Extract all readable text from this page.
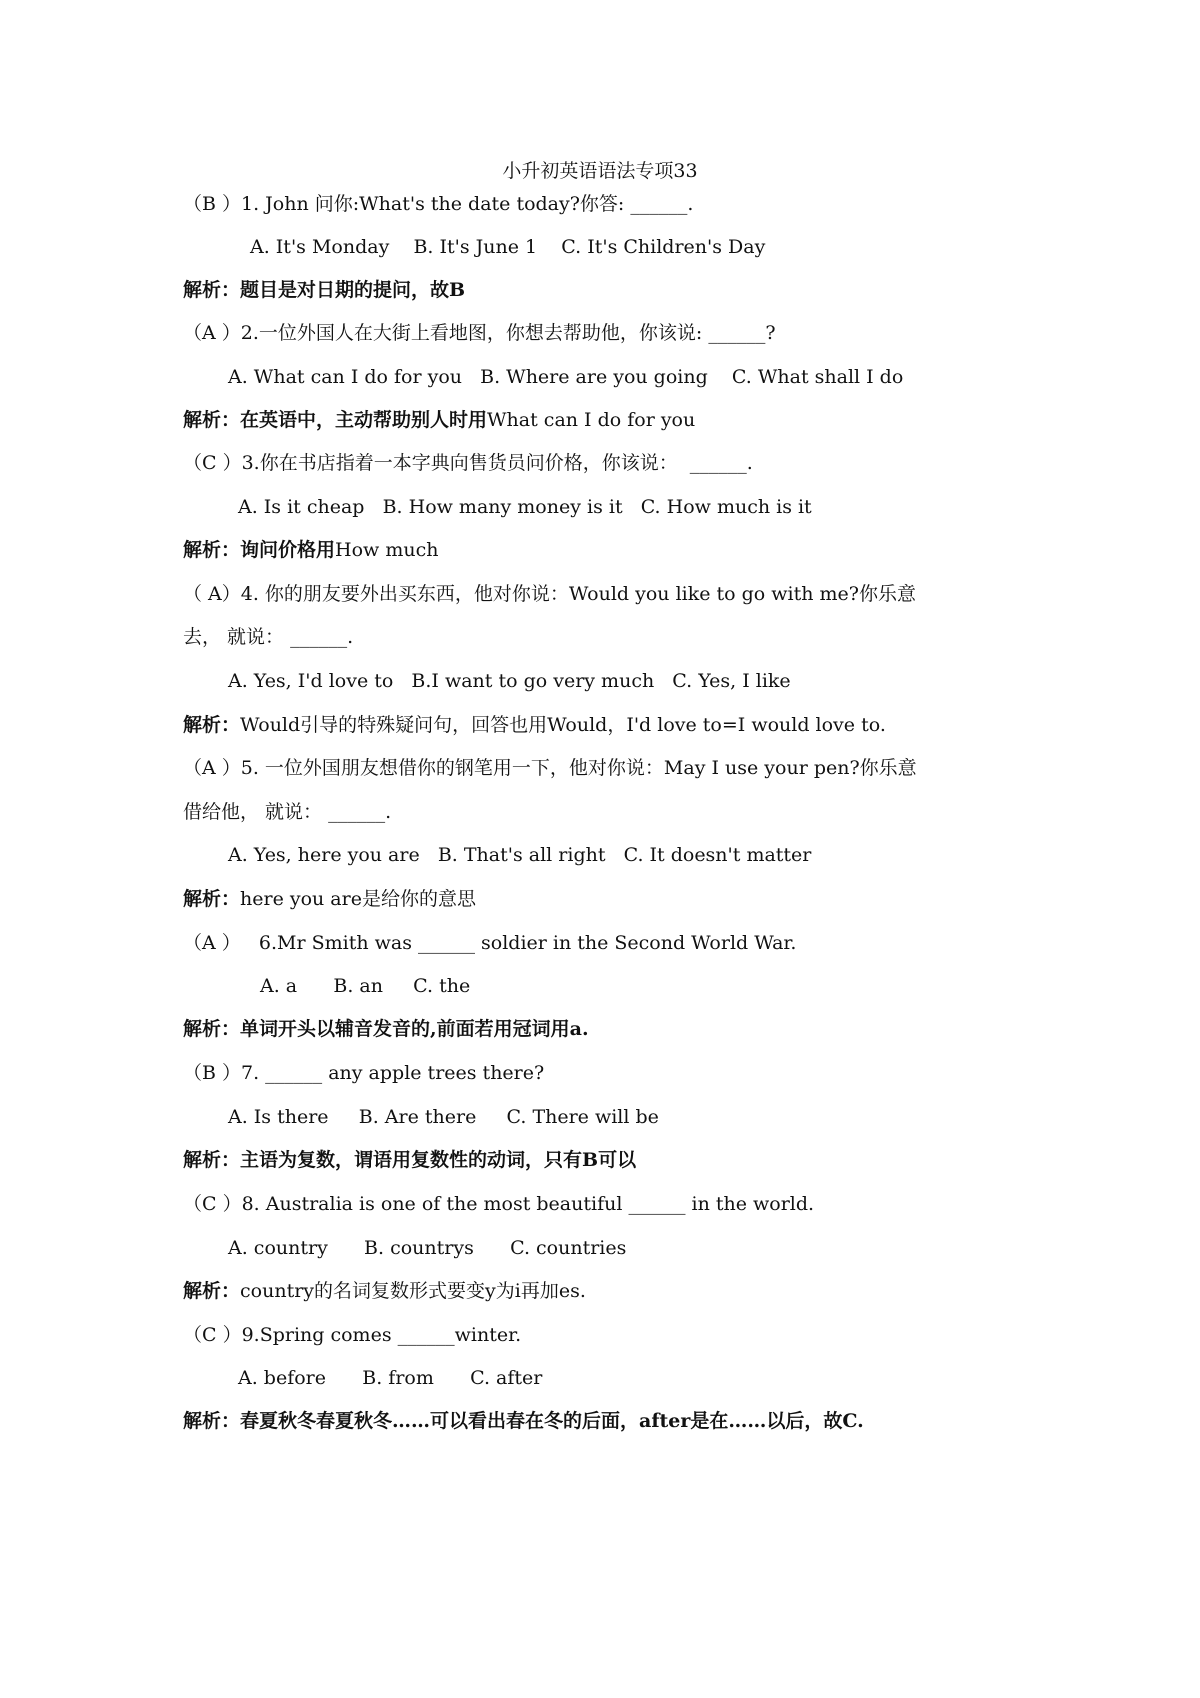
小升初英语语法专项33
（B ）1. John 问你:What's the date today?你答: ______.
A. It's Monday    B. It's June 1    C. It's Children's Day
解析：题目是对日期的提问，故B
（A ）2.一位外国人在大街上看地图，你想去帮助他，你该说: ______?
A. What can I do for you   B. Where are you going    C. What shall I do
解析：在英语中，主动帮助别人时用What can I do for you
（C ）3.你在书店指着一本字典向售货员问价格，你该说：  ______.
A. Is it cheap   B. How many money is it   C. How much is it
解析：询问价格用How much
（ A）4. 你的朋友要外出买东西，他对你说：Would you like to go with me?你乐意
去， 就说： ______.
A. Yes, I'd love to   B.I want to go very much   C. Yes, I like
解析：Would引导的特殊疑问句，回答也用Would，I'd love to=I would love to.
（A ）5. 一位外国朋友想借你的钢笔用一下，他对你说：May I use your pen?你乐意
借给他， 就说： ______.
A. Yes, here you are   B. That's all right   C. It doesn't matter
解析：here you are是给你的意思
（A ）   6.Mr Smith was ______ soldier in the Second World War.
A. a      B. an     C. the
解析：单词开头以辅音发音的,前面若用冠词用a.
（B ）7. ______ any apple trees there?
A. Is there     B. Are there     C. There will be
解析：主语为复数，谓语用复数性的动词，只有B可以
（C ）8. Australia is one of the most beautiful ______ in the world.
A. country      B. countrys      C. countries
解析：country的名词复数形式要变y为i再加es.
（C ）9.Spring comes ______winter.
A. before      B. from      C. after
解析：春夏秋冬春夏秋冬……可以看出春在冬的后面，after是在……以后，故C.
